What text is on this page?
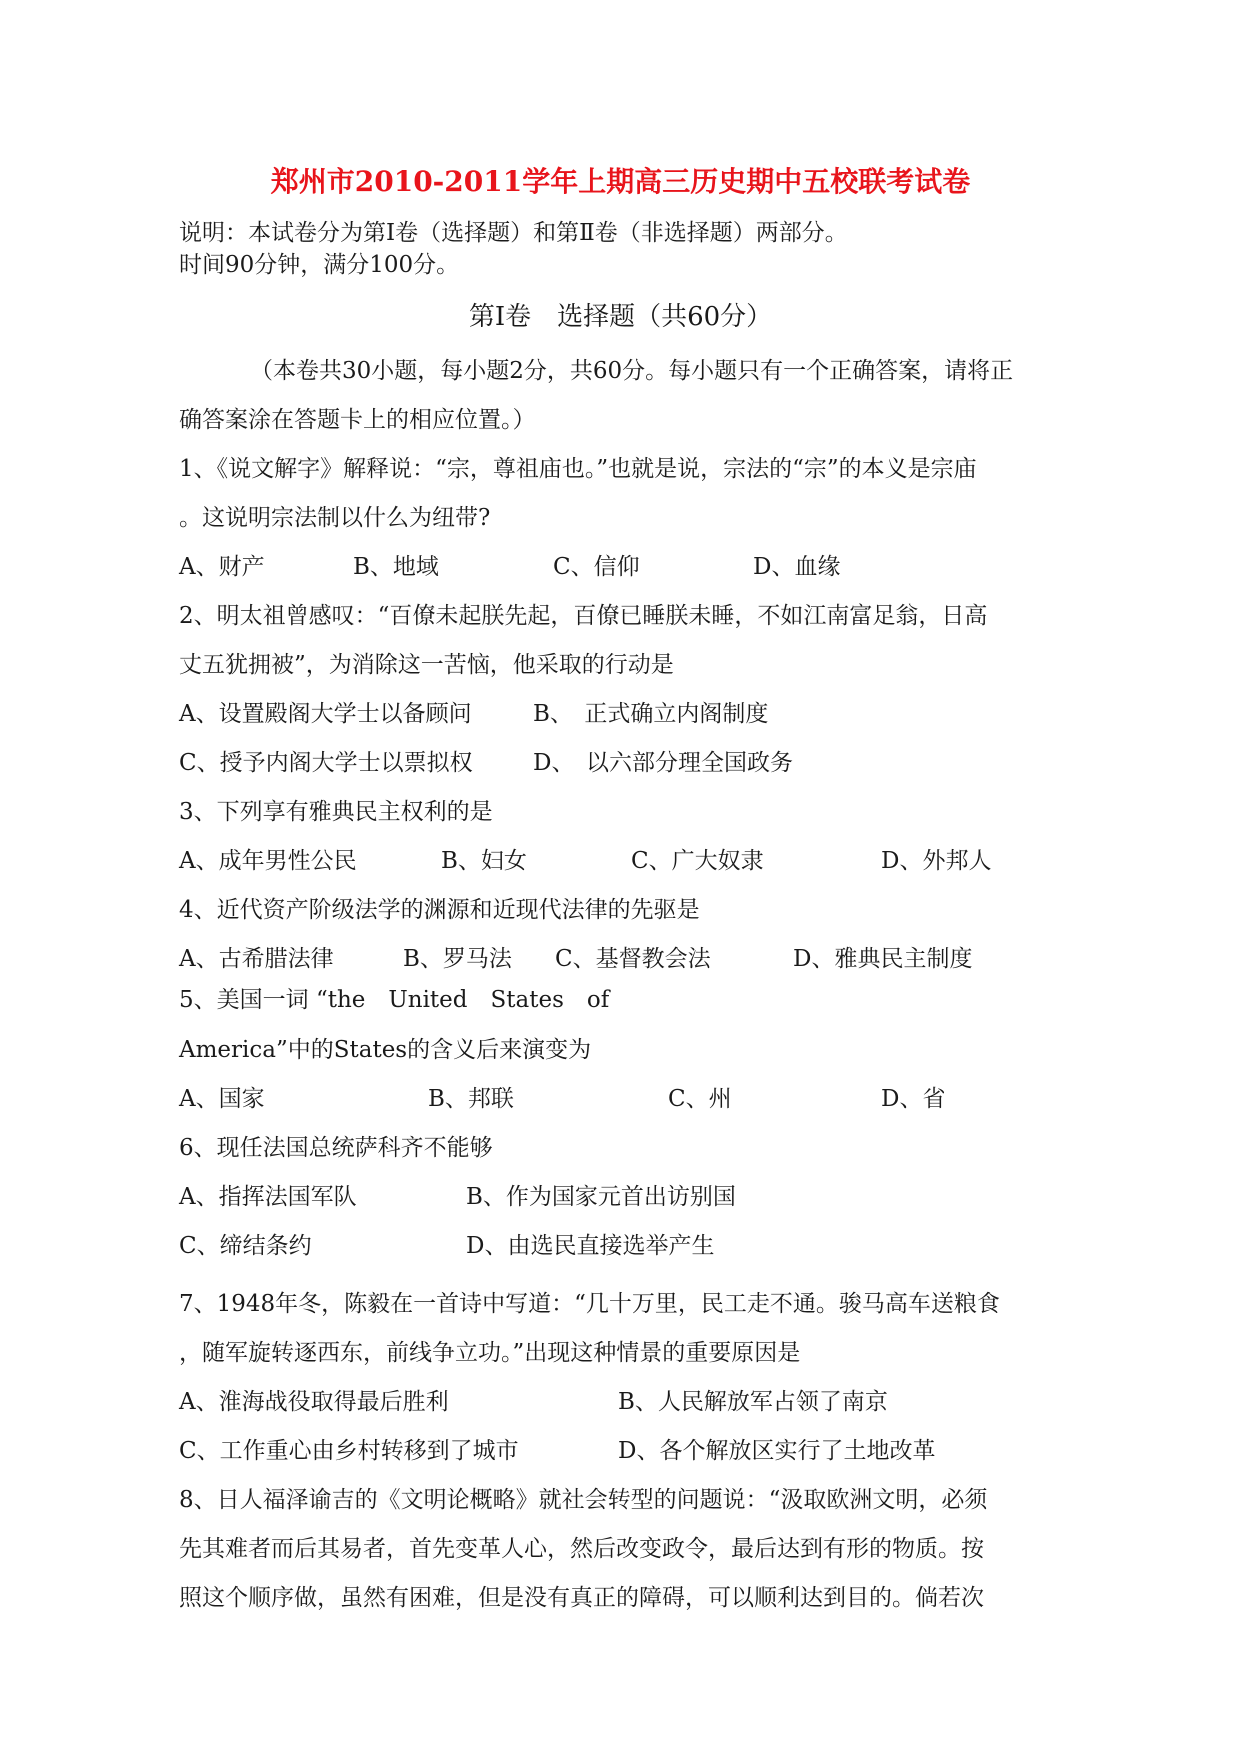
郑州市2010-2011学年上期高三历史期中五校联考试卷
说明：本试卷分为第Ⅰ卷（选择题）和第Ⅱ卷（非选择题）两部分。
时间90分钟，满分100分。
第Ⅰ卷　选择题（共60分）
（本卷共30小题，每小题2分，共60分。每小题只有一个正确答案，请将正
确答案涂在答题卡上的相应位置。）
1、《说文解字》解释说：“宗，尊祖庙也。”也就是说，宗法的“宗”的本义是宗庙
。这说明宗法制以什么为纽带?
A、财产	B、地域	C、信仰	D、血缘
2、明太祖曾感叹：“百僚未起朕先起，百僚已睡朕未睡，不如江南富足翁，日高
丈五犹拥被”，为消除这一苦恼，他采取的行动是
A、设置殿阁大学士以备顾问	B、　正式确立内阁制度
C、授予内阁大学士以票拟权	D、　以六部分理全国政务
3、下列享有雅典民主权利的是
A、成年男性公民	B、妇女	C、广大奴隶	D、外邦人
4、近代资产阶级法学的渊源和近现代法律的先驱是
A、古希腊法律	B、罗马法 C、基督教会法	D、雅典民主制度
5、美国一词 “the　United　States　of
America”中的States的含义后来演变为
A、国家	B、邦联	C、州	D、省
6、现任法国总统萨科齐不能够
A、指挥法国军队	B、作为国家元首出访别国
C、缔结条约	D、由选民直接选举产生
7、1948年冬，陈毅在一首诗中写道：“几十万里，民工走不通。骏马高车送粮食
，随军旋转逐西东，前线争立功。”出现这种情景的重要原因是
A、淮海战役取得最后胜利	B、人民解放军占领了南京
C、工作重心由乡村转移到了城市	D、各个解放区实行了土地改革
8、日人福泽谕吉的《文明论概略》就社会转型的问题说：“汲取欧洲文明，必须
先其难者而后其易者，首先变革人心，然后改变政令，最后达到有形的物质。按
照这个顺序做，虽然有困难，但是没有真正的障碍，可以顺利达到目的。倘若次
